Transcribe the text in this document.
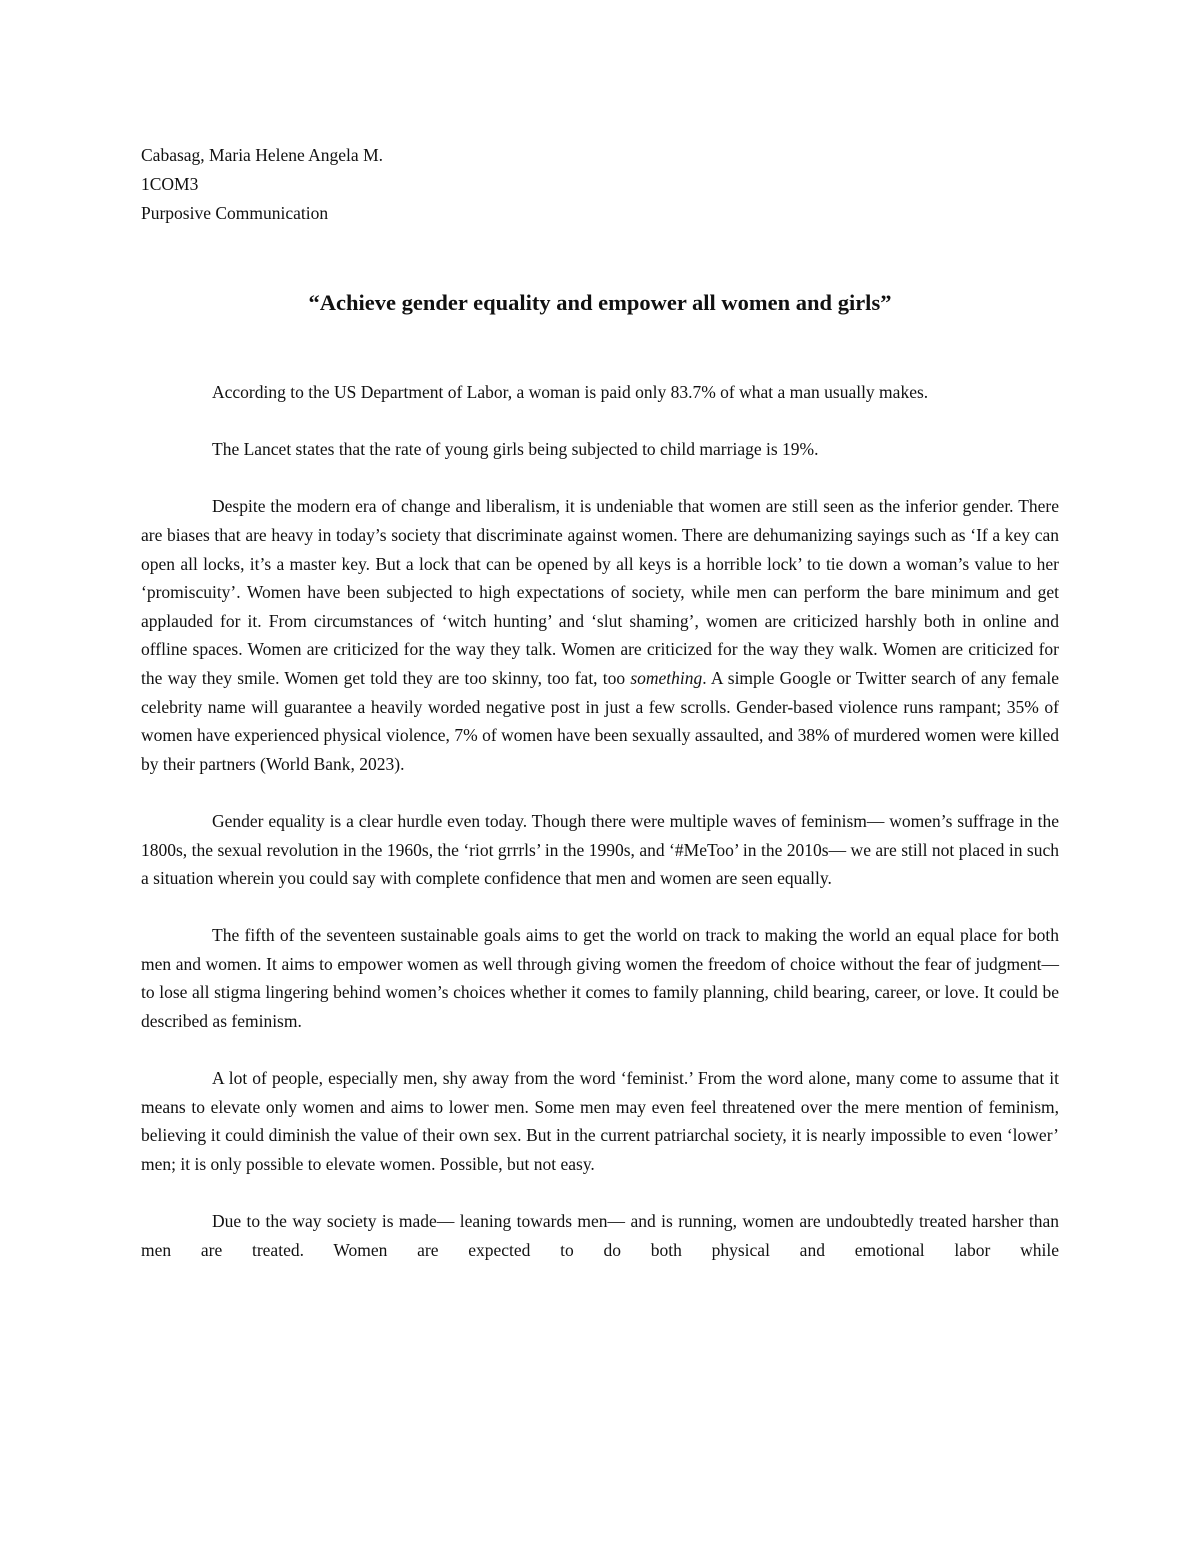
Cabasag, Maria Helene Angela M.
1COM3
Purposive Communication
“Achieve gender equality and empower all women and girls”

According to the US Department of Labor, a woman is paid only 83.7% of what a man usually makes.

The Lancet states that the rate of young girls being subjected to child marriage is 19%.

Despite the modern era of change and liberalism, it is undeniable that women are still seen as the inferior gender. There are biases that are heavy in today’s society that discriminate against women. There are dehumanizing sayings such as ‘If a key can open all locks, it’s a master key. But a lock that can be opened by all keys is a horrible lock’ to tie down a woman’s value to her ‘promiscuity’. Women have been subjected to high expectations of society, while men can perform the bare minimum and get applauded for it. From circumstances of ‘witch hunting’ and ‘slut shaming’, women are criticized harshly both in online and offline spaces. Women are criticized for the way they talk. Women are criticized for the way they walk. Women are criticized for the way they smile. Women get told they are too skinny, too fat, too something. A simple Google or Twitter search of any female celebrity name will guarantee a heavily worded negative post in just a few scrolls. Gender-based violence runs rampant; 35% of women have experienced physical violence, 7% of women have been sexually assaulted, and 38% of murdered women were killed by their partners (World Bank, 2023).

Gender equality is a clear hurdle even today. Though there were multiple waves of feminism— women’s suffrage in the 1800s, the sexual revolution in the 1960s, the ‘riot grrrls’ in the 1990s, and ‘#MeToo’ in the 2010s— we are still not placed in such a situation wherein you could say with complete confidence that men and women are seen equally.

The fifth of the seventeen sustainable goals aims to get the world on track to making the world an equal place for both men and women. It aims to empower women as well through giving women the freedom of choice without the fear of judgment— to lose all stigma lingering behind women’s choices whether it comes to family planning, child bearing, career, or love. It could be described as feminism.

A lot of people, especially men, shy away from the word ‘feminist.’ From the word alone, many come to assume that it means to elevate only women and aims to lower men. Some men may even feel threatened over the mere mention of feminism, believing it could diminish the value of their own sex. But in the current patriarchal society, it is nearly impossible to even ‘lower’ men; it is only possible to elevate women. Possible, but not easy.

Due to the way society is made— leaning towards men— and is running, women are undoubtedly treated harsher than men are treated. Women are expected to do both physical and emotional labor while
